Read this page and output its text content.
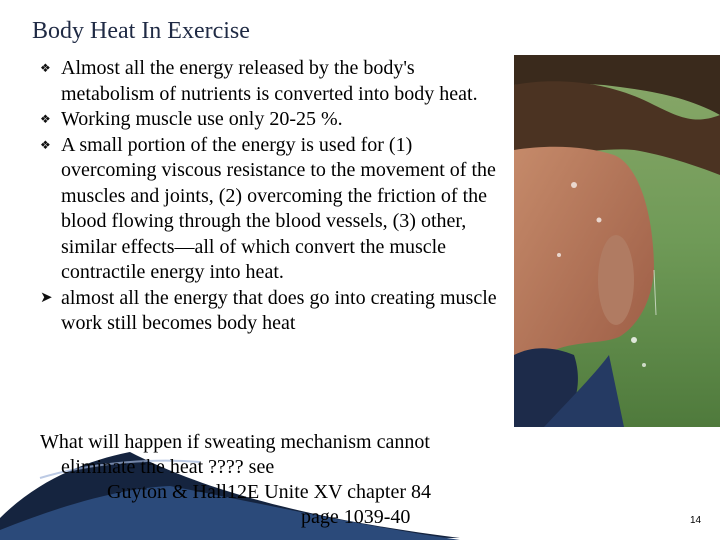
Body Heat In Exercise
❖ Almost all the energy released by the body's metabolism of nutrients is converted into body heat.
❖ Working muscle use only 20-25 %.
❖ A small portion of the energy is used for (1) overcoming viscous resistance to the movement of the muscles and joints, (2) overcoming the friction of the blood flowing through the blood vessels, (3) other, similar effects—all of which convert the muscle contractile energy into heat.
➤ almost all the energy that does go into creating muscle work still becomes body heat
What will happen if sweating mechanism cannot
eliminate the heat ???? see
Guyton & Hall12E Unite XV chapter 84
page 1039-40	14
